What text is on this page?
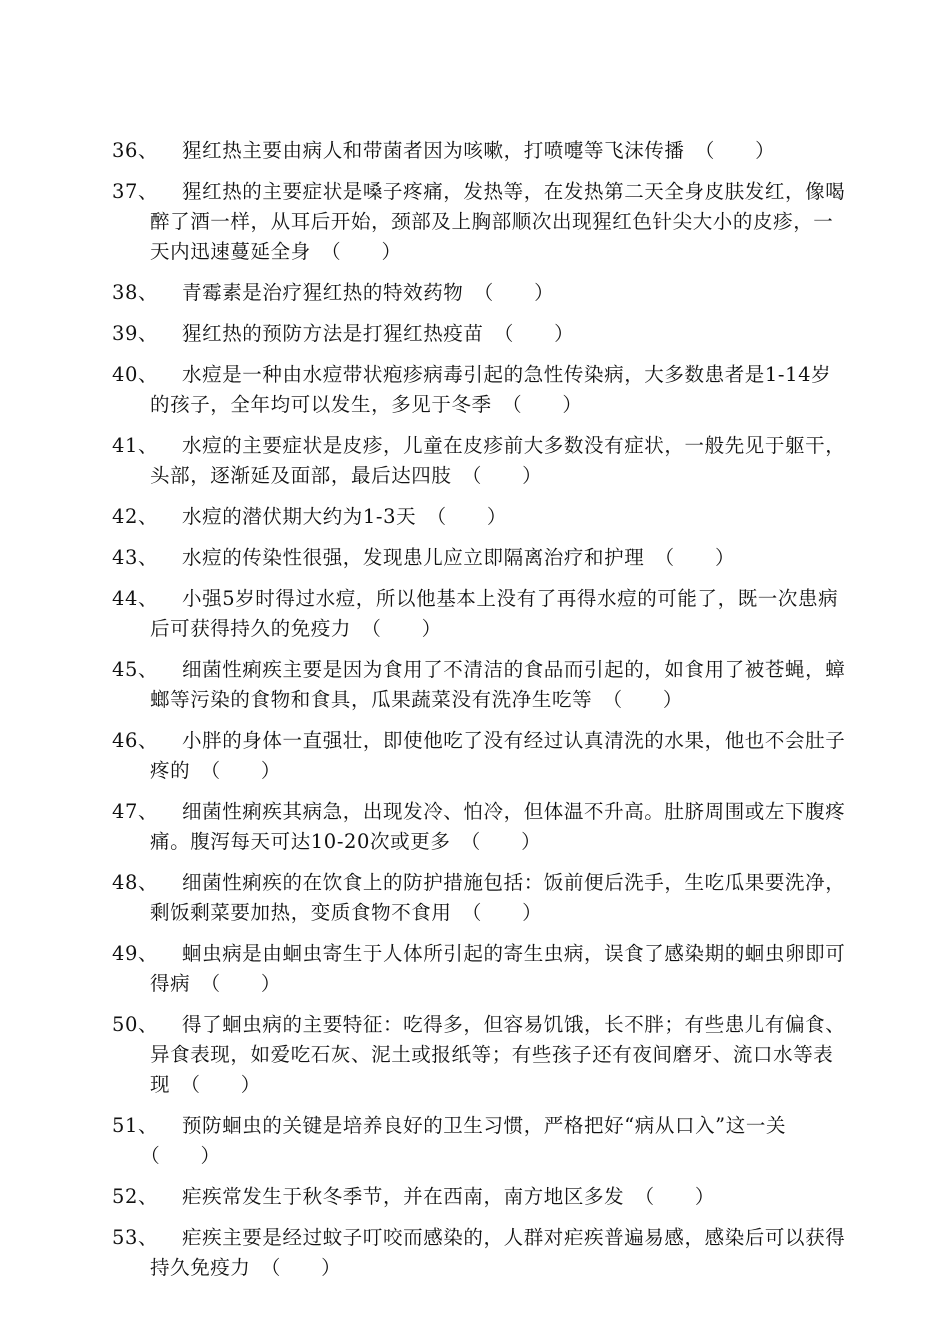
36、	猩红热主要由病人和带菌者因为咳嗽，打喷嚏等飞沫传播　 （　　）
37、	猩红热的主要症状是嗓子疼痛，发热等，在发热第二天全身皮肤发红，像喝醉了酒一样，从耳后开始，颈部及上胸部顺次出现猩红色针尖大小的皮疹，一天内迅速蔓延全身　 （　　）
38、	青霉素是治疗猩红热的特效药物　 （　　）
39、	猩红热的预防方法是打猩红热疫苗　 （　　）
40、	水痘是一种由水痘带状疱疹病毒引起的急性传染病，大多数患者是1-14岁的孩子，全年均可以发生，多见于冬季　 （　　）
41、	水痘的主要症状是皮疹，儿童在皮疹前大多数没有症状，一般先见于躯干，头部，逐渐延及面部，最后达四肢　 （　　）
42、	水痘的潜伏期大约为1-3天　 （　　）
43、	水痘的传染性很强，发现患儿应立即隔离治疗和护理　 （　　）
44、	小强5岁时得过水痘，所以他基本上没有了再得水痘的可能了，既一次患病后可获得持久的免疫力　 （　　）
45、	细菌性痢疾主要是因为食用了不清洁的食品而引起的，如食用了被苍蝇，蟑螂等污染的食物和食具，瓜果蔬菜没有洗净生吃等　 （　　）
46、	小胖的身体一直强壮，即使他吃了没有经过认真清洗的水果，他也不会肚子疼的　 （　　）
47、	细菌性痢疾其病急，出现发冷、怕冷，但体温不升高。肚脐周围或左下腹疼痛。腹泻每天可达10-20次或更多　 （　　）
48、	细菌性痢疾的在饮食上的防护措施包括：饭前便后洗手，生吃瓜果要洗净，剩饭剩菜要加热，变质食物不食用　 （　　）
49、	蛔虫病是由蛔虫寄生于人体所引起的寄生虫病，误食了感染期的蛔虫卵即可得病　 （　　）
50、	得了蛔虫病的主要特征：吃得多，但容易饥饿，长不胖；有些患儿有偏食、异食表现，如爱吃石灰、泥土或报纸等；有些孩子还有夜间磨牙、流口水等表现　 （　　）
51、	预防蛔虫的关键是培养良好的卫生习惯，严格把好“病从口入”这一关　（　　）
52、	疟疾常发生于秋冬季节，并在西南，南方地区多发　 （　　）
53、	疟疾主要是经过蚊子叮咬而感染的，人群对疟疾普遍易感，感染后可以获得持久免疫力　 （　　）
